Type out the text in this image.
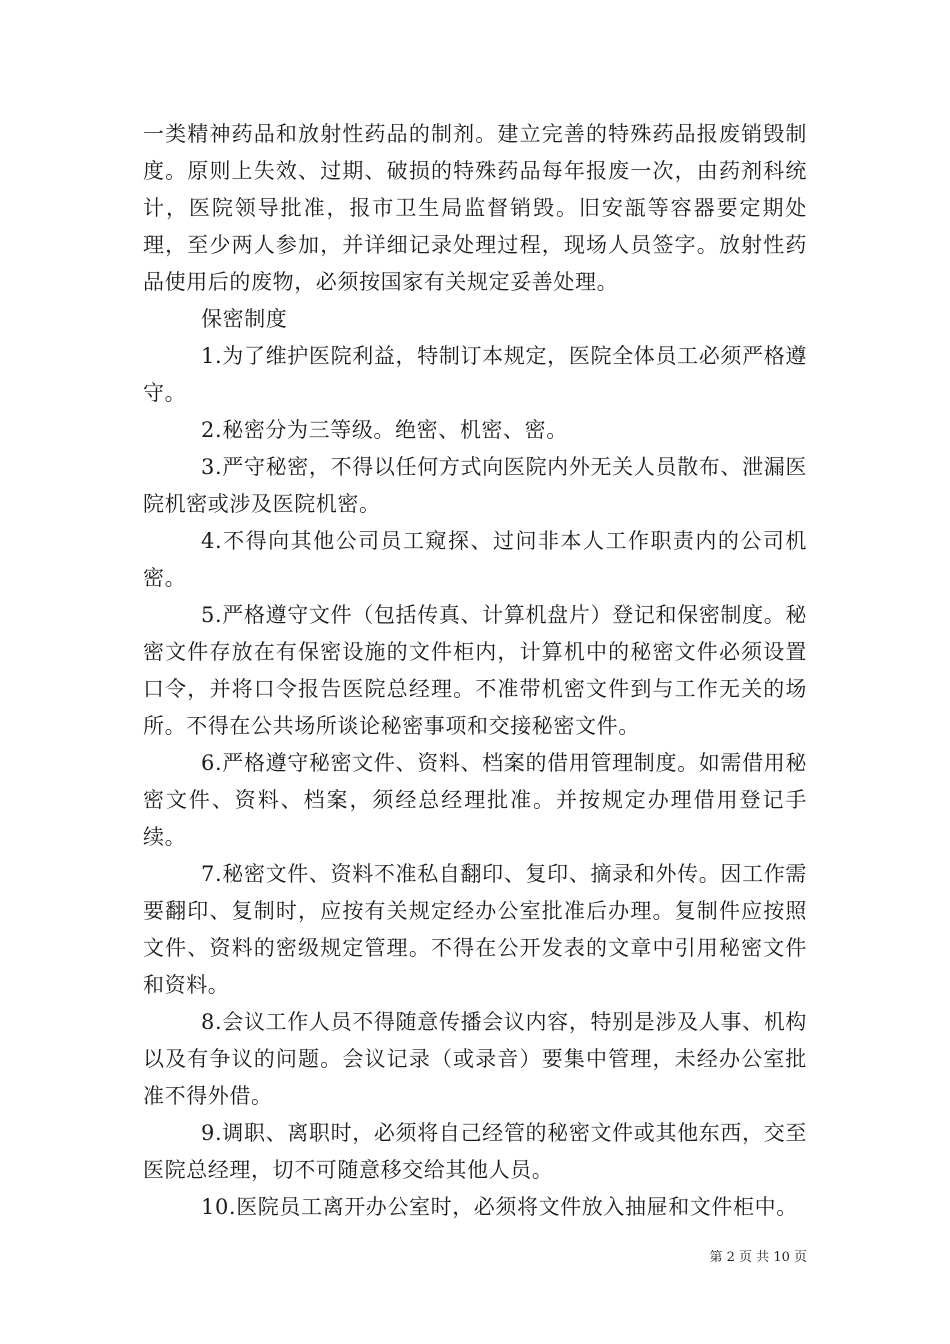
一类精神药品和放射性药品的制剂。建立完善的特殊药品报废销毁制度。原则上失效、过期、破损的特殊药品每年报废一次，由药剂科统计，医院领导批准，报市卫生局监督销毁。旧安瓿等容器要定期处理，至少两人参加，并详细记录处理过程，现场人员签字。放射性药品使用后的废物，必须按国家有关规定妥善处理。

保密制度

1.为了维护医院利益，特制订本规定，医院全体员工必须严格遵守。

2.秘密分为三等级。绝密、机密、密。

3.严守秘密，不得以任何方式向医院内外无关人员散布、泄漏医院机密或涉及医院机密。

4.不得向其他公司员工窥探、过问非本人工作职责内的公司机密。

5.严格遵守文件（包括传真、计算机盘片）登记和保密制度。秘密文件存放在有保密设施的文件柜内，计算机中的秘密文件必须设置口令，并将口令报告医院总经理。不准带机密文件到与工作无关的场所。不得在公共场所谈论秘密事项和交接秘密文件。

6.严格遵守秘密文件、资料、档案的借用管理制度。如需借用秘密文件、资料、档案，须经总经理批准。并按规定办理借用登记手续。

7.秘密文件、资料不准私自翻印、复印、摘录和外传。因工作需要翻印、复制时，应按有关规定经办公室批准后办理。复制件应按照文件、资料的密级规定管理。不得在公开发表的文章中引用秘密文件和资料。

8.会议工作人员不得随意传播会议内容，特别是涉及人事、机构以及有争议的问题。会议记录（或录音）要集中管理，未经办公室批准不得外借。

9.调职、离职时，必须将自己经管的秘密文件或其他东西，交至医院总经理，切不可随意移交给其他人员。

10.医院员工离开办公室时，必须将文件放入抽屉和文件柜中。

第 2 页 共 10 页
